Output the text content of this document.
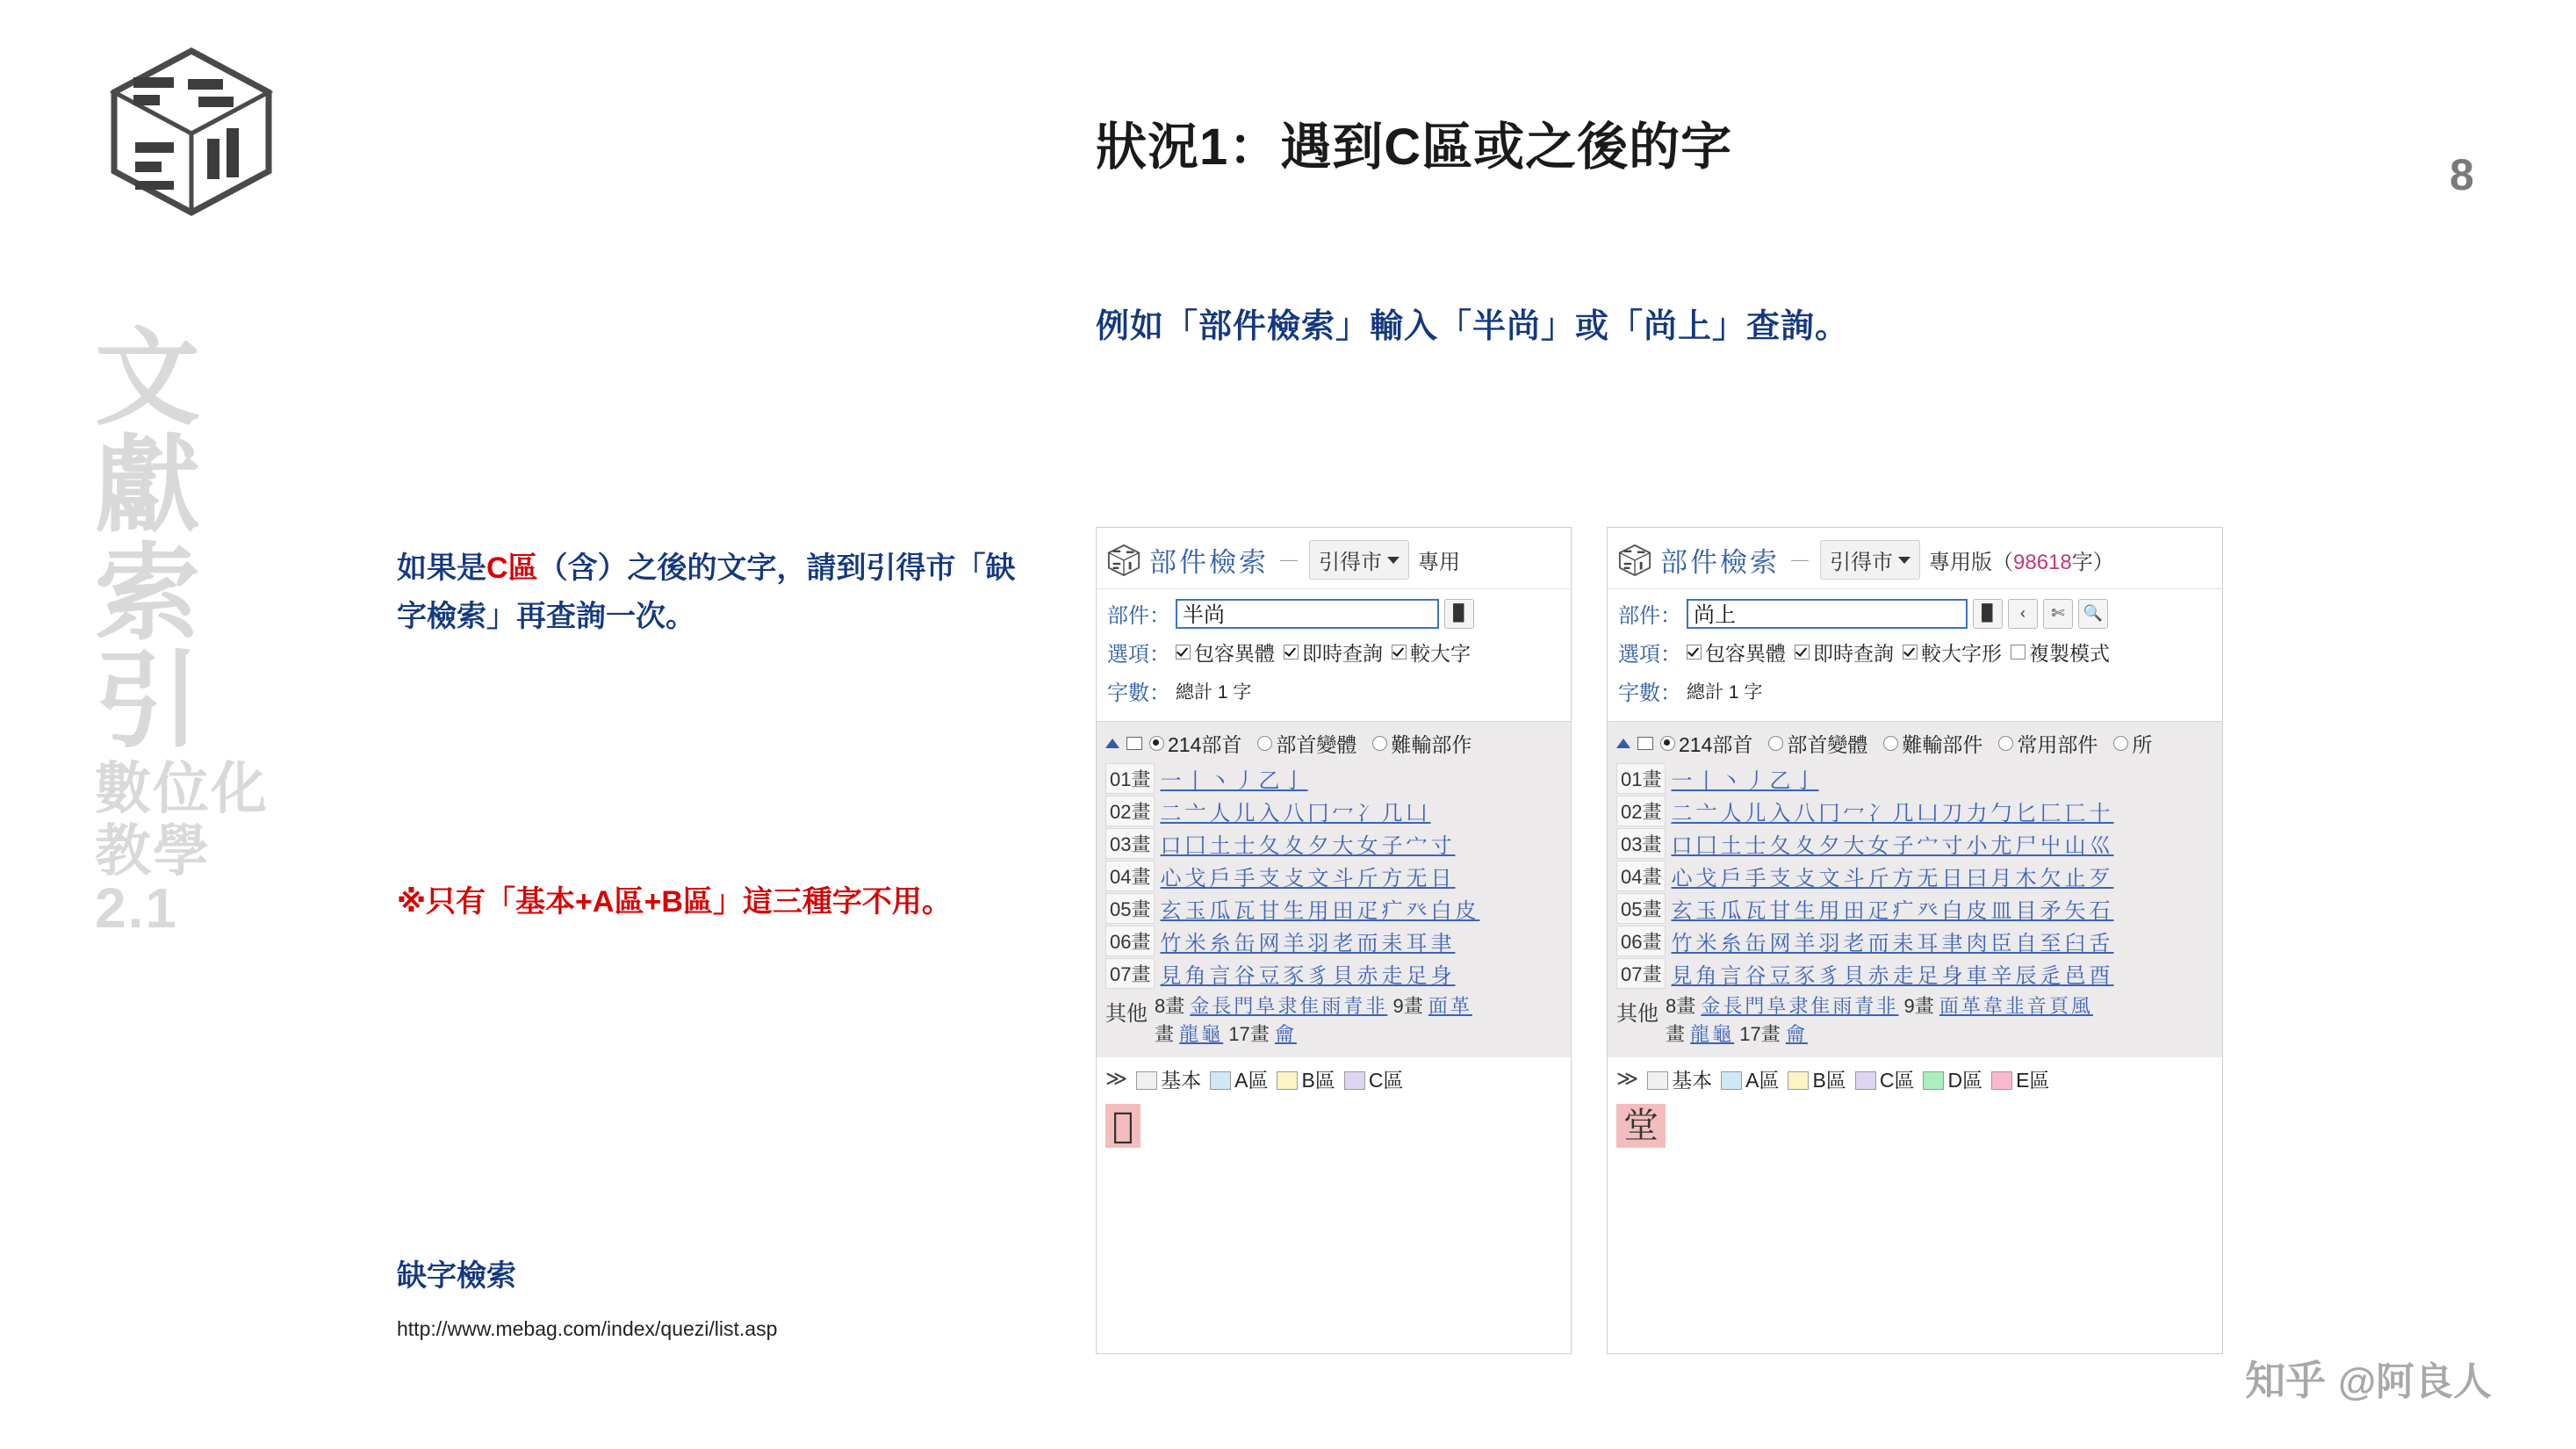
文
獻
索
引
數位化
教學
2.1
狀況1：遇到C區或之後的字	8
例如「部件檢索」輸入「半尚」或「尚上」查詢。
如果是C區（含）之後的文字，請到引得市「缺字檢索」再查詢一次。
※只有「基本+A區+B區」這三種字不用。
缺字檢索
http://www.mebag.com/index/quezi/list.asp
部件檢索 － 引得市 專用
部件： 半尚	▉
選項： 包容異體 即時查詢 較大字
字數： 總計 1 字
214部首 部首變體 難輸部作
01畫 一丨丶丿乙亅
02畫 二亠人儿入八冂冖冫几凵
03畫 口囗土士夂夊夕大女子宀寸
04畫 心戈戶手支攴文斗斤方无日
05畫 玄玉瓜瓦甘生用田疋疒癶白皮
06畫 竹米糸缶网羊羽老而耒耳聿
07畫 見角言谷豆豕豸貝赤走足身
其他 8畫 金長門阜隶隹雨青非 9畫 面革
畫 龍龜 17畫 龠
≫	基本	A區	B區	C區
𡭜
部件檢索 － 引得市 專用版（98618字）
部件： 尚上	▉	‹	✄	🔍
選項： 包容異體 即時查詢 較大字形 複製模式
字數： 總計 1 字
214部首 部首變體 難輸部件 常用部件 所
01畫 一丨丶丿乙亅
02畫 二亠人儿入八冂冖冫几凵刀力勹匕匚匸十
03畫 口囗土士夂夊夕大女子宀寸小尤尸屮山巛
04畫 心戈戶手支攴文斗斤方无日曰月木欠止歹
05畫 玄玉瓜瓦甘生用田疋疒癶白皮皿目矛矢石
06畫 竹米糸缶网羊羽老而耒耳聿肉臣自至臼舌
07畫 見角言谷豆豕豸貝赤走足身車辛辰辵邑酉
其他 8畫 金長門阜隶隹雨青非 9畫 面革韋韭音頁風
畫 龍龜 17畫 龠
≫	基本	A區	B區	C區	D區	E區
堂
知乎 @阿良人
